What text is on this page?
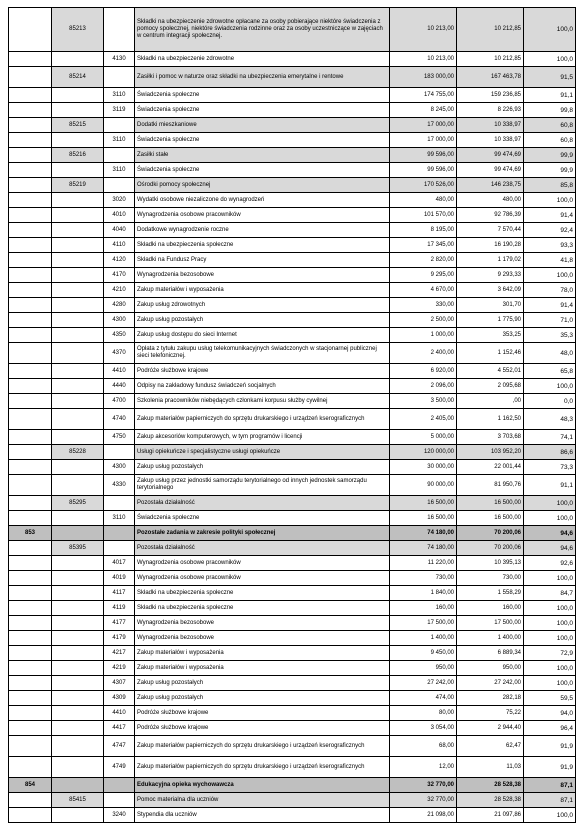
	85213		Składki na ubezpieczenie zdrowotne opłacane za osoby pobierające niektóre świadczenia z pomocy społecznej, niektóre świadczenia rodzinne oraz za osoby uczestniczące w zajęciach w centrum integracji społecznej.	10 213,00	10 212,85	100,0
		4130	Składki na ubezpieczenie zdrowotne	10 213,00	10 212,85	100,0
	85214		Zasiłki i pomoc w naturze oraz składki na ubezpieczenia emerytalne i rentowe	183 000,00	167 463,78	91,5
		3110	Świadczenia społeczne	174 755,00	159 236,85	91,1
		3119	Świadczenia społeczne	8 245,00	8 226,93	99,8
	85215		Dodatki mieszkaniowe	17 000,00	10 338,97	60,8
		3110	Świadczenia społeczne	17 000,00	10 338,97	60,8
	85216		Zasiłki stałe	99 596,00	99 474,69	99,9
		3110	Świadczenia społeczne	99 596,00	99 474,69	99,9
	85219		Ośrodki pomocy społecznej	170 526,00	146 238,75	85,8
		3020	Wydatki osobowe niezaliczone do wynagrodzeń	480,00	480,00	100,0
		4010	Wynagrodzenia osobowe pracowników	101 570,00	92 786,39	91,4
		4040	Dodatkowe wynagrodzenie roczne	8 195,00	7 570,44	92,4
		4110	Składki na ubezpieczenia społeczne	17 345,00	16 190,28	93,3
		4120	Składki na Fundusz Pracy	2 820,00	1 179,02	41,8
		4170	Wynagrodzenia bezosobowe	9 295,00	9 293,33	100,0
		4210	Zakup materiałów i wyposażenia	4 670,00	3 642,09	78,0
		4280	Zakup usług zdrowotnych	330,00	301,70	91,4
		4300	Zakup usług pozostałych	2 500,00	1 775,90	71,0
		4350	Zakup usług dostępu do sieci Internet	1 000,00	353,25	35,3
		4370	Opłata z tytułu zakupu usług telekomunikacyjnych świadczonych w stacjonarnej publicznej sieci telefonicznej.	2 400,00	1 152,46	48,0
		4410	Podróże służbowe krajowe	6 920,00	4 552,01	65,8
		4440	Odpisy na zakładowy fundusz świadczeń socjalnych	2 096,00	2 095,68	100,0
		4700	Szkolenia pracowników niebędących członkami korpusu służby cywilnej	3 500,00	,00	0,0
		4740	Zakup materiałów papierniczych do sprzętu drukarskiego i urządzeń kserograficznych	2 405,00	1 162,50	48,3
		4750	Zakup akcesoriów komputerowych, w tym programów i licencji	5 000,00	3 703,68	74,1
	85228		Usługi opiekuńcze i specjalistyczne usługi opiekuńcze	120 000,00	103 952,20	86,6
		4300	Zakup usług pozostałych	30 000,00	22 001,44	73,3
		4330	Zakup usług przez jednostki samorządu terytorialnego od innych jednostek samorządu terytorialnego	90 000,00	81 950,76	91,1
	85295		Pozostała działalność	16 500,00	16 500,00	100,0
		3110	Świadczenia społeczne	16 500,00	16 500,00	100,0
853			Pozostałe zadania w zakresie polityki społecznej	74 180,00	70 200,06	94,6
	85395		Pozostała działalność	74 180,00	70 200,06	94,6
		4017	Wynagrodzenia osobowe pracowników	11 220,00	10 395,13	92,6
		4019	Wynagrodzenia osobowe pracowników	730,00	730,00	100,0
		4117	Składki na ubezpieczenia społeczne	1 840,00	1 558,29	84,7
		4119	Składki na ubezpieczenia społeczne	160,00	160,00	100,0
		4177	Wynagrodzenia bezosobowe	17 500,00	17 500,00	100,0
		4179	Wynagrodzenia bezosobowe	1 400,00	1 400,00	100,0
		4217	Zakup materiałów i wyposażenia	9 450,00	6 889,34	72,9
		4219	Zakup materiałów i wyposażenia	950,00	950,00	100,0
		4307	Zakup usług pozostałych	27 242,00	27 242,00	100,0
		4309	Zakup usług pozostałych	474,00	282,18	59,5
		4410	Podróże służbowe krajowe	80,00	75,22	94,0
		4417	Podróże służbowe krajowe	3 054,00	2 944,40	96,4
		4747	Zakup materiałów papierniczych do sprzętu drukarskiego i urządzeń kserograficznych	68,00	62,47	91,9
		4749	Zakup materiałów papierniczych do sprzętu drukarskiego i urządzeń kserograficznych	12,00	11,03	91,9
854			Edukacyjna opieka wychowawcza	32 770,00	28 528,38	87,1
	85415		Pomoc materialna dla uczniów	32 770,00	28 528,38	87,1
		3240	Stypendia dla uczniów	21 098,00	21 097,86	100,0
